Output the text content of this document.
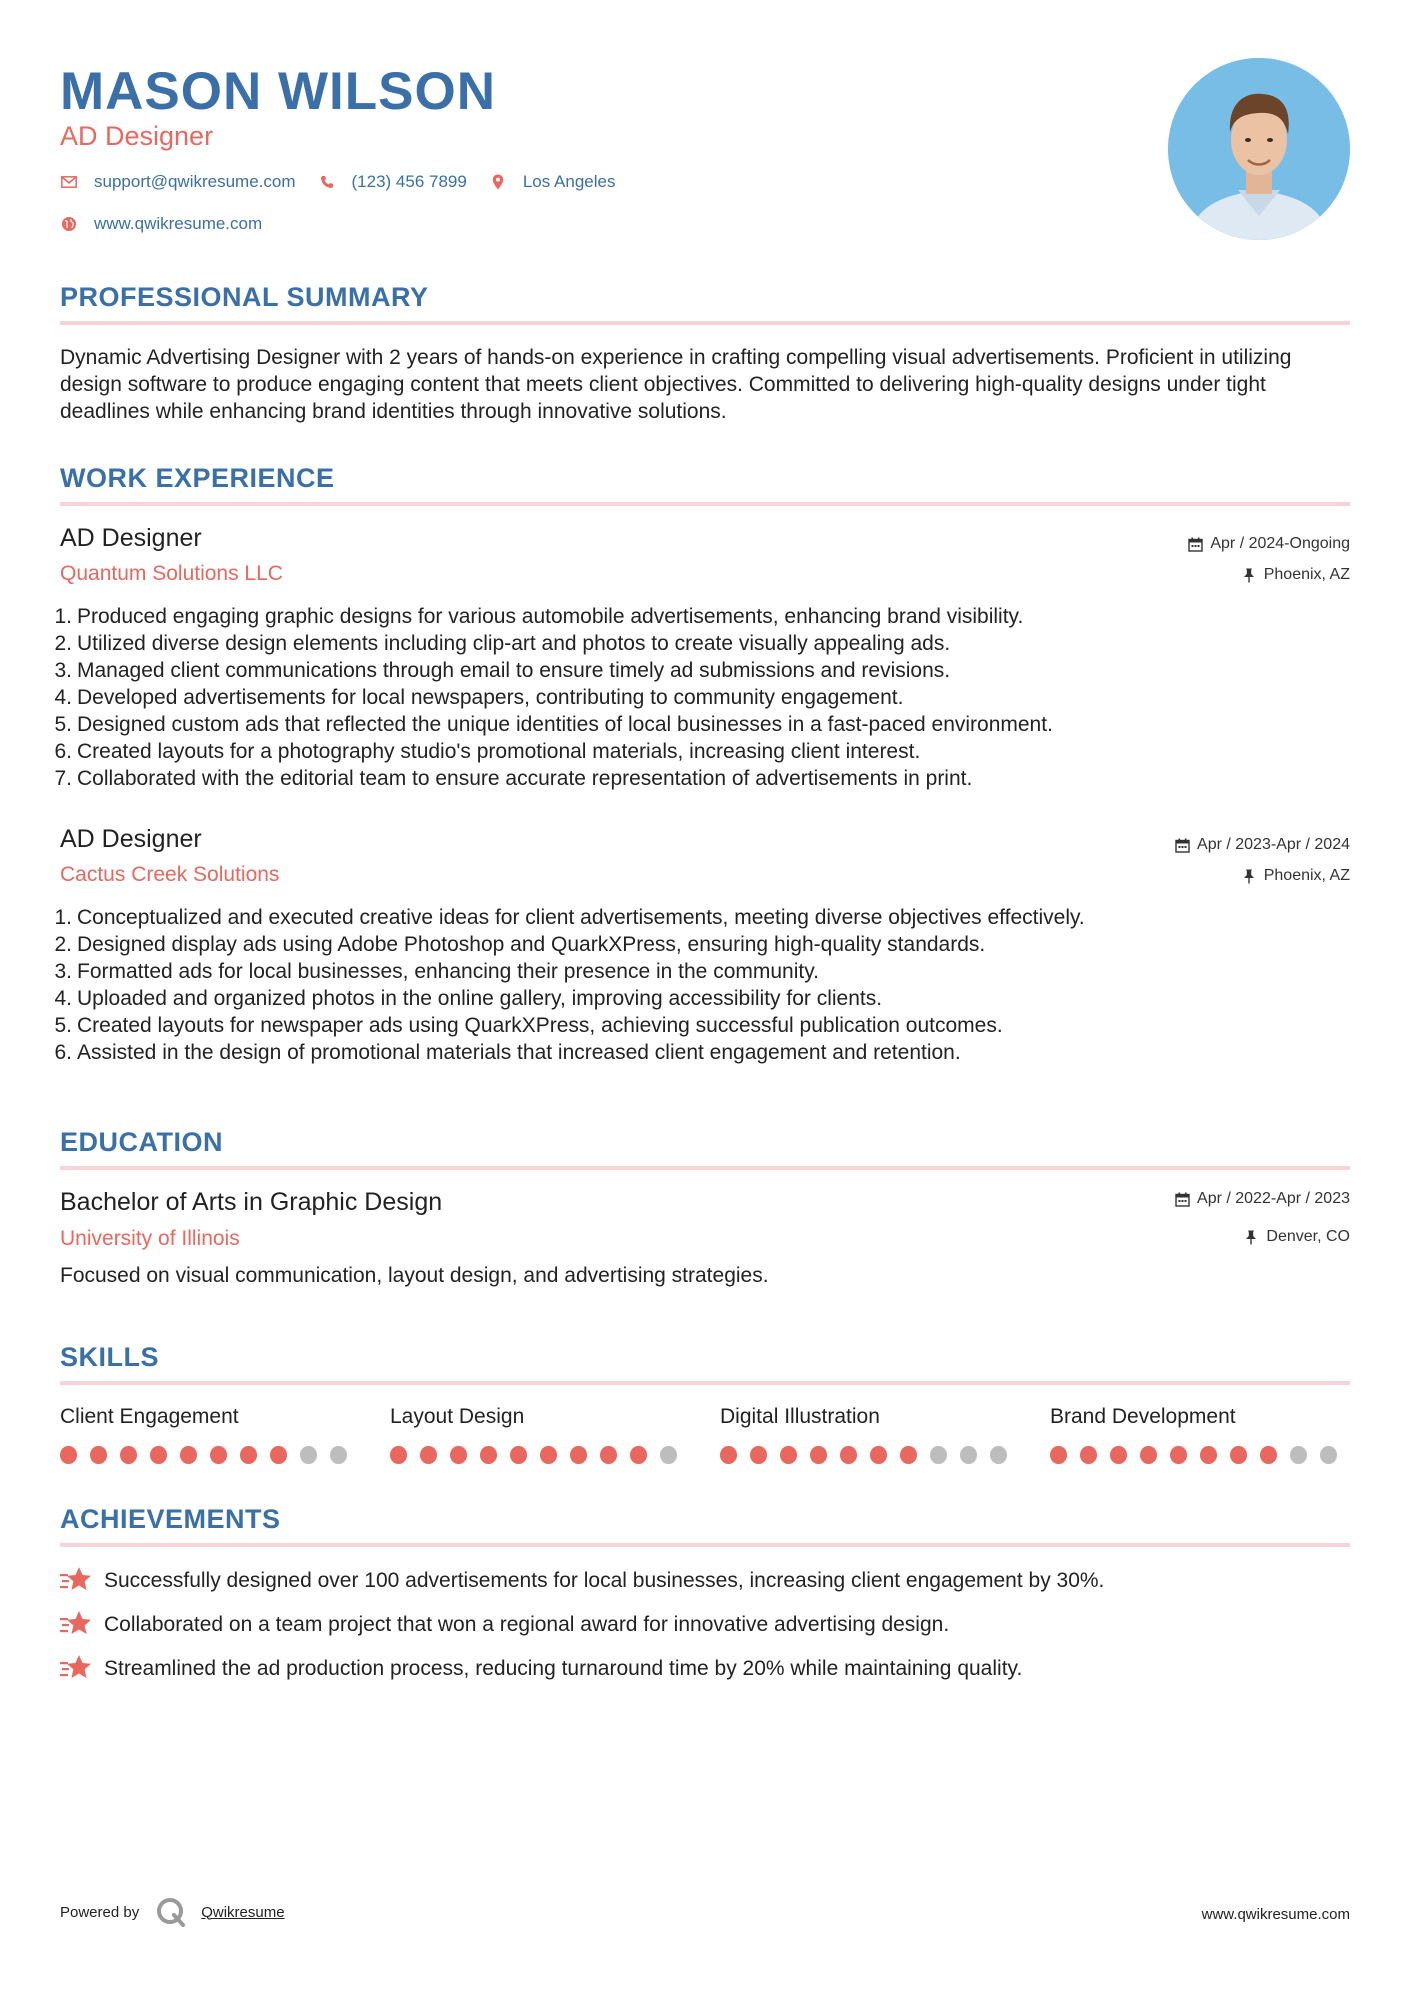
MASON WILSON
AD Designer
support@qwikresume.com	(123) 456 7899	Los Angeles
www.qwikresume.com
PROFESSIONAL SUMMARY
Dynamic Advertising Designer with 2 years of hands-on experience in crafting compelling visual advertisements. Proficient in utilizing design software to produce engaging content that meets client objectives. Committed to delivering high-quality designs under tight deadlines while enhancing brand identities through innovative solutions.
WORK EXPERIENCE
AD Designer
Quantum Solutions LLC
Apr / 2024-Ongoing
Phoenix, AZ
1. Produced engaging graphic designs for various automobile advertisements, enhancing brand visibility.
2. Utilized diverse design elements including clip-art and photos to create visually appealing ads.
3. Managed client communications through email to ensure timely ad submissions and revisions.
4. Developed advertisements for local newspapers, contributing to community engagement.
5. Designed custom ads that reflected the unique identities of local businesses in a fast-paced environment.
6. Created layouts for a photography studio's promotional materials, increasing client interest.
7. Collaborated with the editorial team to ensure accurate representation of advertisements in print.
AD Designer
Cactus Creek Solutions
Apr / 2023-Apr / 2024
Phoenix, AZ
1. Conceptualized and executed creative ideas for client advertisements, meeting diverse objectives effectively.
2. Designed display ads using Adobe Photoshop and QuarkXPress, ensuring high-quality standards.
3. Formatted ads for local businesses, enhancing their presence in the community.
4. Uploaded and organized photos in the online gallery, improving accessibility for clients.
5. Created layouts for newspaper ads using QuarkXPress, achieving successful publication outcomes.
6. Assisted in the design of promotional materials that increased client engagement and retention.
EDUCATION
Bachelor of Arts in Graphic Design
University of Illinois
Apr / 2022-Apr / 2023
Denver, CO
Focused on visual communication, layout design, and advertising strategies.
SKILLS
Client Engagement	Layout Design	Digital Illustration	Brand Development
ACHIEVEMENTS
Successfully designed over 100 advertisements for local businesses, increasing client engagement by 30%.
Collaborated on a team project that won a regional award for innovative advertising design.
Streamlined the ad production process, reducing turnaround time by 20% while maintaining quality.
Powered by	Qwikresume	www.qwikresume.com
